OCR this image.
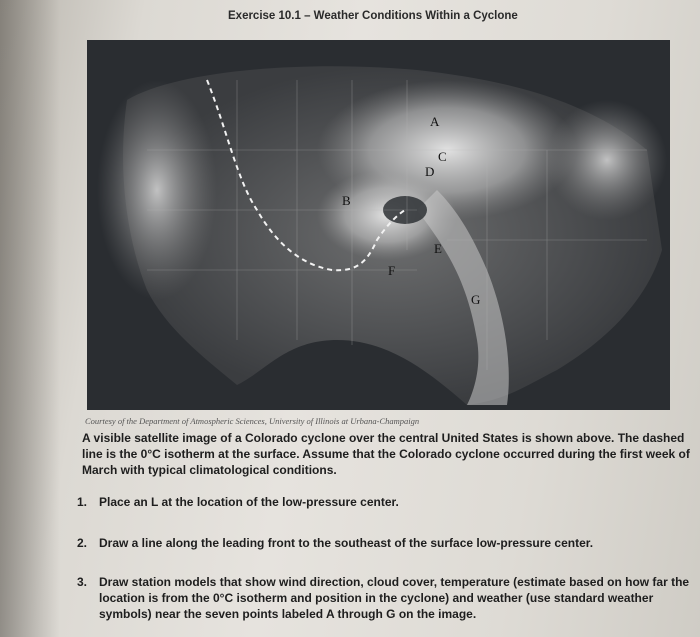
Exercise 10.1 – Weather Conditions Within a Cyclone
A
B
C
D
E
F
G
Courtesy of the Department of Atmospheric Sciences, University of Illinois at Urbana-Champaign
A visible satellite image of a Colorado cyclone over the central United States is shown above. The dashed line is the 0°C isotherm at the surface. Assume that the Colorado cyclone occurred during the first week of March with typical climatological conditions.
1. Place an L at the location of the low-pressure center.
2. Draw a line along the leading front to the southeast of the surface low-pressure center.
3. Draw station models that show wind direction, cloud cover, temperature (estimate based on how far the location is from the 0°C isotherm and position in the cyclone) and weather (use standard weather symbols) near the seven points labeled A through G on the image.
